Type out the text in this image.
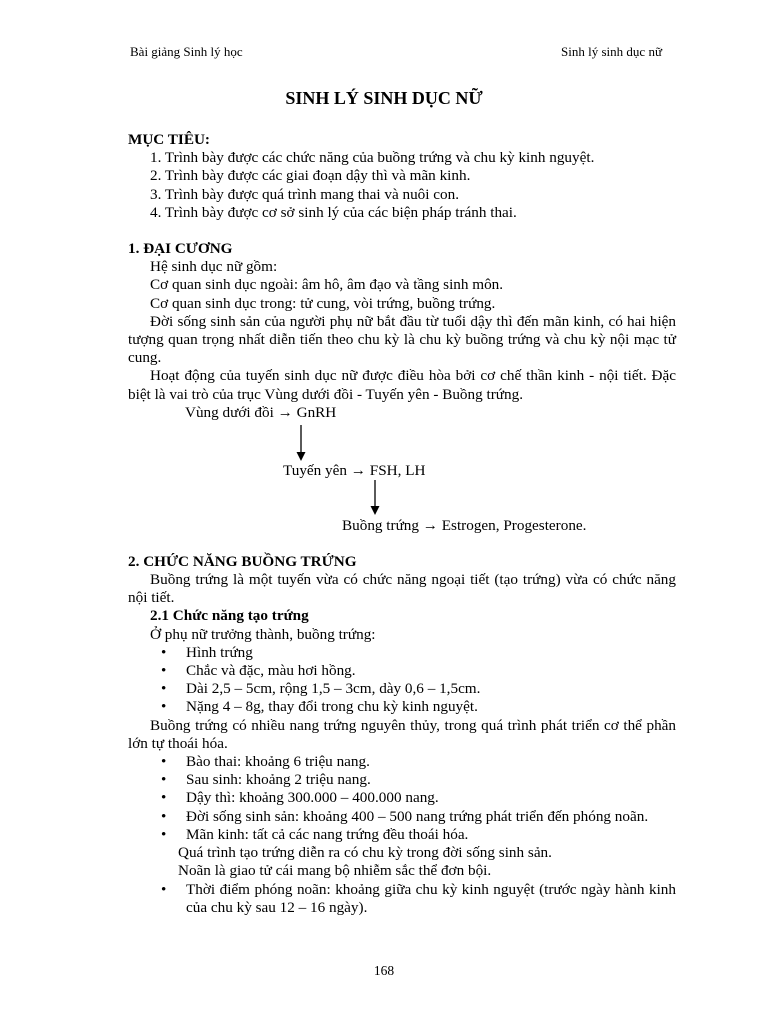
Bài giảng Sinh lý học	Sinh lý sinh dục nữ
SINH LÝ SINH DỤC NỮ

MỤC TIÊU:

1. Trình bày được các chức năng của buồng trứng và chu kỳ kinh nguyệt.

2. Trình bày được các giai đoạn dậy thì và mãn kinh.

3. Trình bày được quá trình mang thai và nuôi con.

4. Trình bày được cơ sở sinh lý của các biện pháp tránh thai.

1. ĐẠI CƯƠNG

Hệ sinh dục nữ gồm:

Cơ quan sinh dục ngoài: âm hô, âm đạo và tầng sinh môn.

Cơ quan sinh dục trong: tử cung, vòi trứng, buồng trứng.

Đời sống sinh sản của người phụ nữ bắt đầu từ tuổi dậy thì đến mãn kinh, có hai hiện tượng quan trọng nhất diễn tiến theo chu kỳ là chu kỳ buồng trứng và chu kỳ nội mạc tử cung.

Hoạt động của tuyến sinh dục nữ được điều hòa bởi cơ chế thần kinh - nội tiết. Đặc biệt là vai trò của trục Vùng dưới đồi - Tuyến yên - Buồng trứng.

Vùng dưới đồi → GnRH
Tuyến yên → FSH, LH
Buồng trứng → Estrogen, Progesterone.

2. CHỨC NĂNG BUỒNG TRỨNG

Buồng trứng là một tuyến vừa có chức năng ngoại tiết (tạo trứng) vừa có chức năng nội tiết.

2.1 Chức năng tạo trứng

Ở phụ nữ trưởng thành, buồng trứng:

• Hình trứng
• Chắc và đặc, màu hơi hồng.
• Dài 2,5 – 5cm, rộng 1,5 – 3cm, dày 0,6 – 1,5cm.
• Nặng 4 – 8g, thay đổi trong chu kỳ kinh nguyệt.

Buồng trứng có nhiều nang trứng nguyên thủy, trong quá trình phát triển cơ thể phần lớn tự thoái hóa.

• Bào thai: khoảng 6 triệu nang.
• Sau sinh: khoảng 2 triệu nang.
• Dậy thì: khoảng 300.000 – 400.000 nang.
• Đời sống sinh sản: khoảng 400 – 500 nang trứng phát triển đến phóng noãn.
• Mãn kinh: tất cả các nang trứng đều thoái hóa.

Quá trình tạo trứng diễn ra có chu kỳ trong đời sống sinh sản.

Noãn là giao tử cái mang bộ nhiễm sắc thể đơn bội.

• Thời điểm phóng noãn: khoảng giữa chu kỳ kinh nguyệt (trước ngày hành kinh của chu kỳ sau 12 – 16 ngày).
168
